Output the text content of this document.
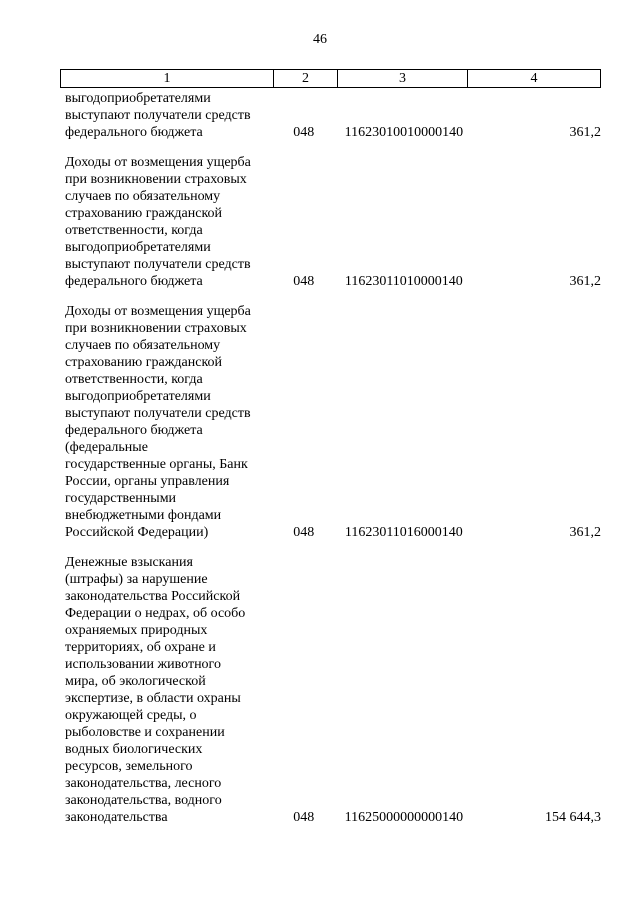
46
1	2	3	4
выгодоприобретателями
выступают получатели средств
федерального бюджета	048	11623010010000140	361,2
Доходы от возмещения ущерба
при возникновении страховых
случаев по обязательному
страхованию гражданской
ответственности, когда
выгодоприобретателями
выступают получатели средств
федерального бюджета	048	11623011010000140	361,2
Доходы от возмещения ущерба
при возникновении страховых
случаев по обязательному
страхованию гражданской
ответственности, когда
выгодоприобретателями
выступают получатели средств
федерального бюджета
(федеральные
государственные органы, Банк
России, органы управления
государственными
внебюджетными фондами
Российской Федерации)	048	11623011016000140	361,2
Денежные взыскания
(штрафы) за нарушение
законодательства Российской
Федерации о недрах, об особо
охраняемых природных
территориях, об охране и
использовании животного
мира, об экологической
экспертизе, в области охраны
окружающей среды, о
рыболовстве и сохранении
водных биологических
ресурсов, земельного
законодательства, лесного
законодательства, водного
законодательства	048	11625000000000140	154 644,3
